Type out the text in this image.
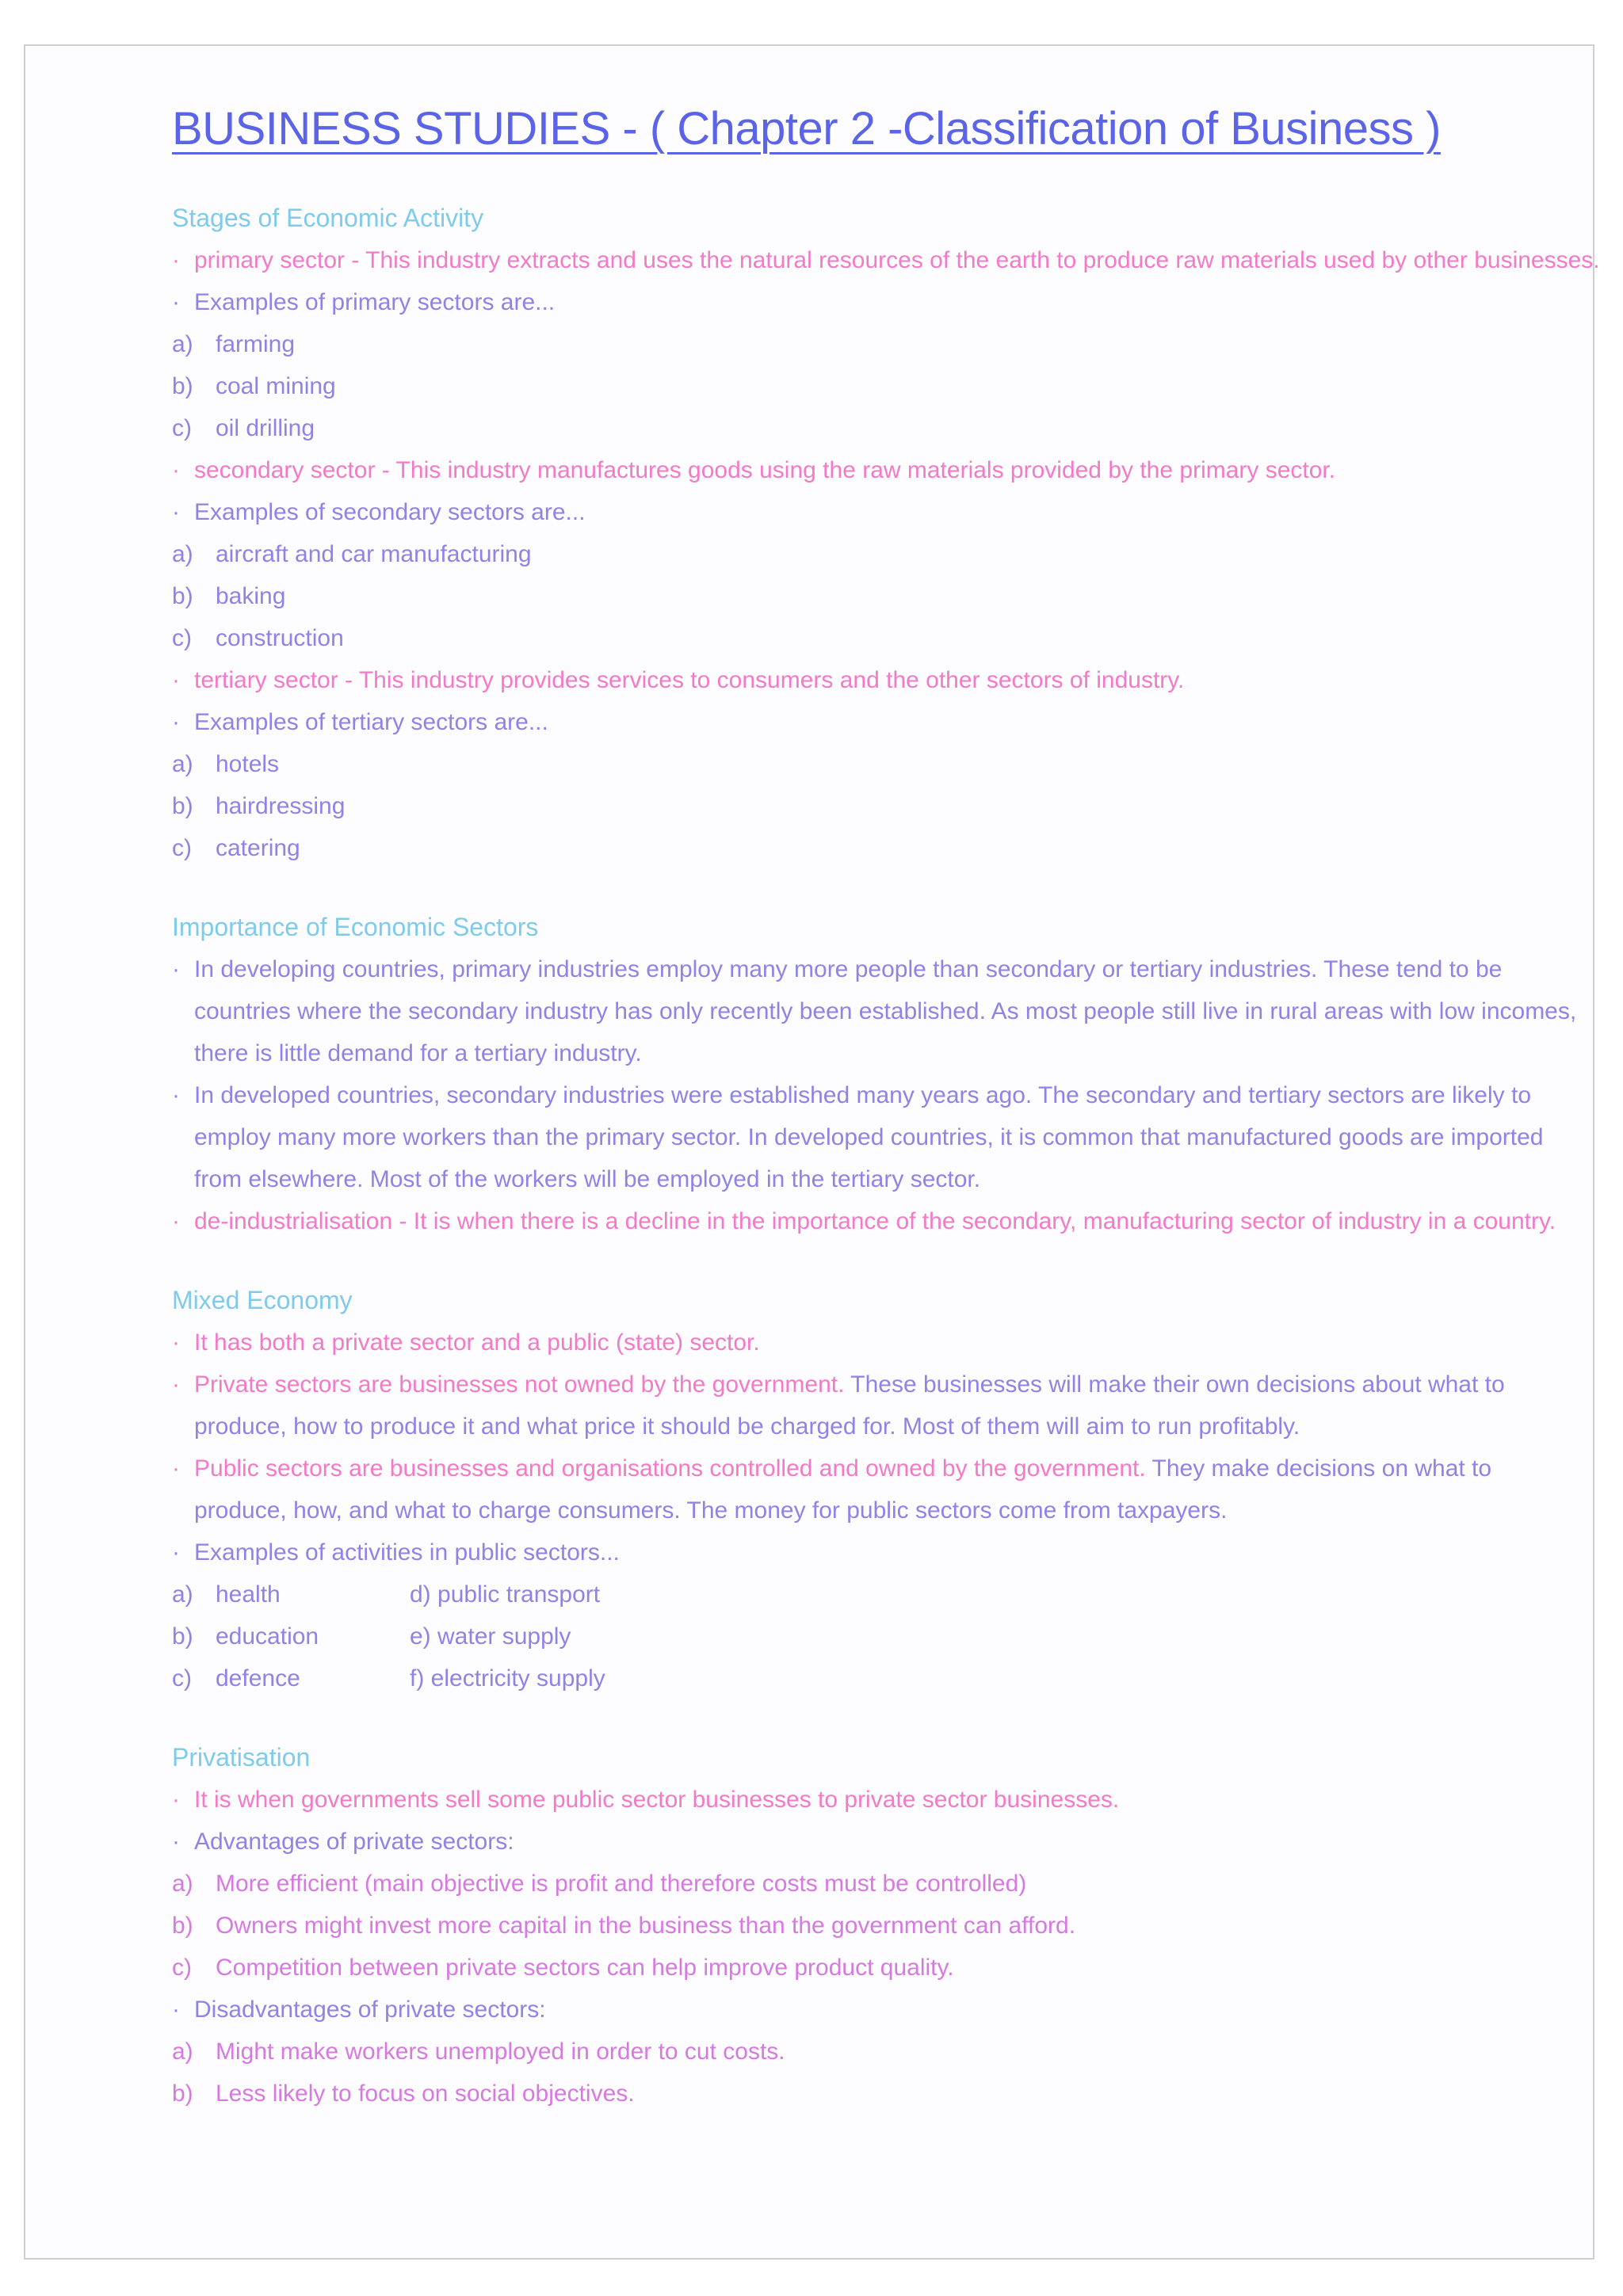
BUSINESS STUDIES - ( Chapter 2 -Classification of Business )
Stages of Economic Activity
· primary sector - This industry extracts and uses the natural resources of the earth to produce raw materials used by other businesses.
· Examples of primary sectors are...
a) farming
b) coal mining
c)	oil drilling
· secondary sector - This industry manufactures goods using the raw materials provided by the primary sector.
· Examples of secondary sectors are...
a) aircraft and car manufacturing
b) baking
c)	construction
· tertiary sector - This industry provides services to consumers and the other sectors of industry.
· Examples of tertiary sectors are...
a) hotels
b) hairdressing
c)	catering
Importance of Economic Sectors
· In developing countries, primary industries employ many more people than secondary or tertiary industries. These tend to be countries where the secondary industry has only recently been established. As most people still live in rural areas with low incomes, there is little demand for a tertiary industry.
· In developed countries, secondary industries were established many years ago. The secondary and tertiary sectors are likely to employ many more workers than the primary sector. In developed countries, it is common that manufactured goods are imported from elsewhere. Most of the workers will be employed in the tertiary sector.
· de-industrialisation - It is when there is a decline in the importance of the secondary, manufacturing sector of industry in a country.
Mixed Economy
· It has both a private sector and a public (state) sector.
· Private sectors are businesses not owned by the government. These businesses will make their own decisions about what to produce, how to produce it and what price it should be charged for. Most of them will aim to run profitably.
· Public sectors are businesses and organisations controlled and owned by the government. They make decisions on what to produce, how, and what to charge consumers. The money for public sectors come from taxpayers.
· Examples of activities in public sectors...
a) health	d) public transport
b) education	e) water supply
c)	defence	f) electricity supply
Privatisation
· It is when governments sell some public sector businesses to private sector businesses.
· Advantages of private sectors:
a) More efficient (main objective is profit and therefore costs must be controlled)
b) Owners might invest more capital in the business than the government can afford.
c)	Competition between private sectors can help improve product quality.
· Disadvantages of private sectors:
a) Might make workers unemployed in order to cut costs.
b) Less likely to focus on social objectives.
